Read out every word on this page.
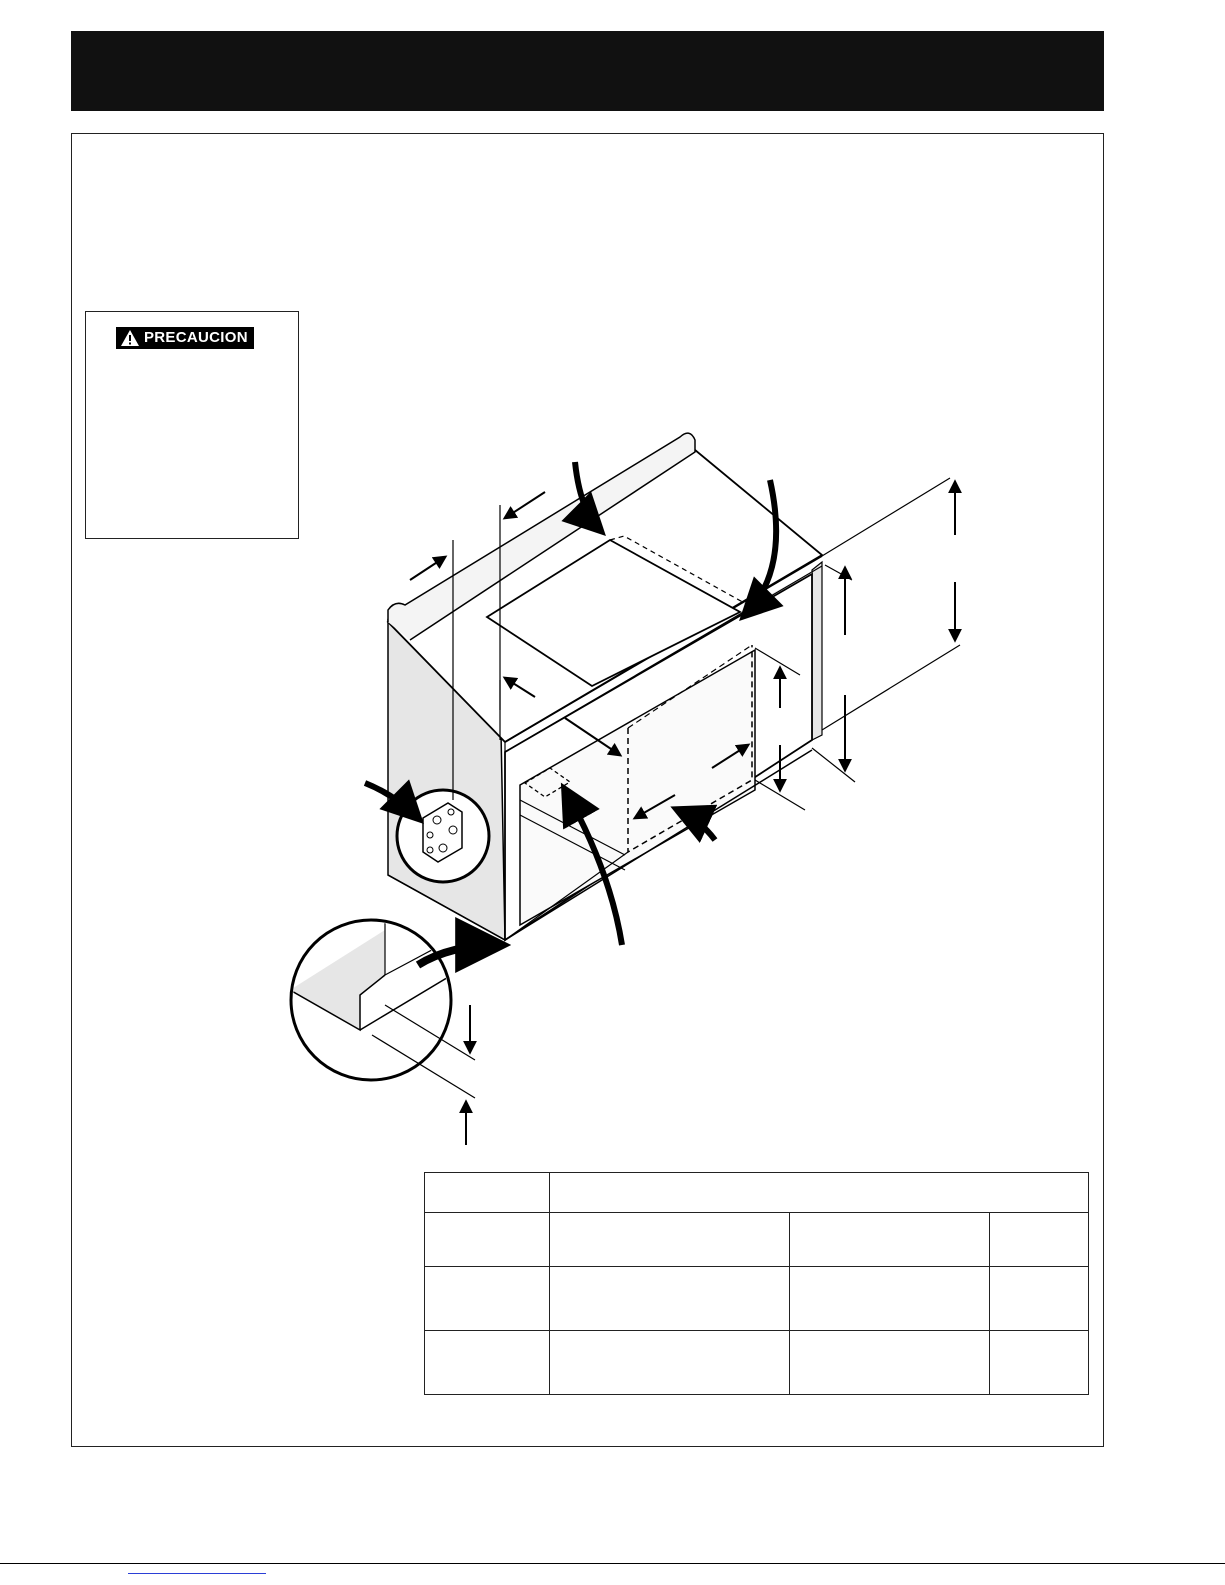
PRECAUCION
